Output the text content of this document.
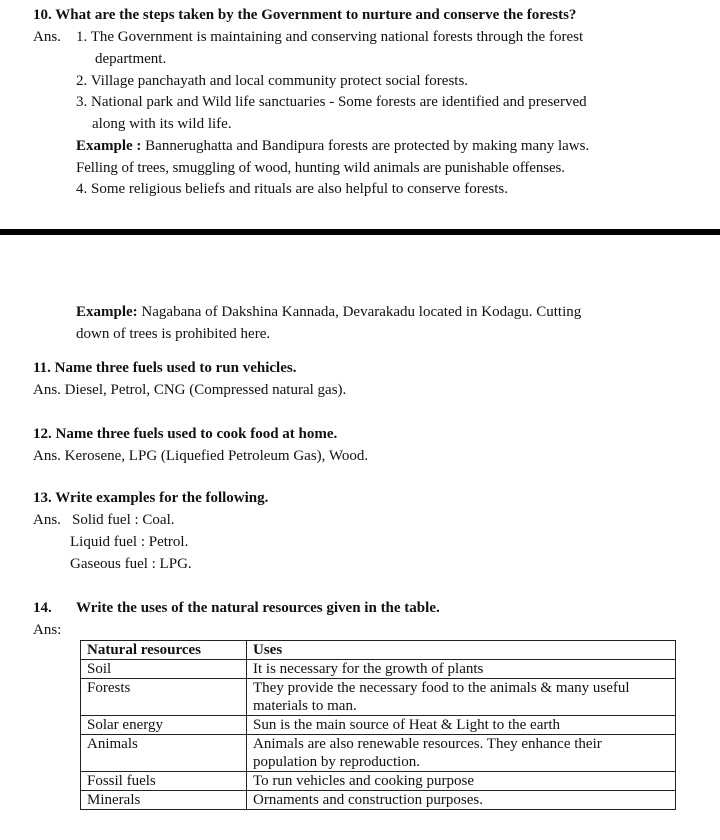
10. What are the steps taken by the Government to nurture and conserve the forests?
Ans. 1. The Government is maintaining and conserving national forests through the forest
department.
2. Village panchayath and local community protect social forests.
3. National park and Wild life sanctuaries - Some forests are identified and preserved
along with its wild life.
Example : Bannerughatta and Bandipura forests are protected by making many laws.
Felling of trees, smuggling of wood, hunting wild animals are punishable offenses.
4. Some religious beliefs and rituals are also helpful to conserve forests.
Example: Nagabana of Dakshina Kannada, Devarakadu located in Kodagu. Cutting
down of trees is prohibited here.
11. Name three fuels used to run vehicles.
Ans. Diesel, Petrol, CNG (Compressed natural gas).
12. Name three fuels used to cook food at home.
Ans. Kerosene, LPG (Liquefied Petroleum Gas), Wood.
13. Write examples for the following.
Ans. Solid fuel : Coal.
Liquid fuel : Petrol.
Gaseous fuel : LPG.
14. Write the uses of the natural resources given in the table.
Ans:
Natural resources	Uses
Soil	It is necessary for the growth of plants
Forests	They provide the necessary food to the animals & many useful materials to man.
Solar energy	Sun is the main source of Heat & Light to the earth
Animals	Animals are also renewable resources. They enhance their population by reproduction.
Fossil fuels	To run vehicles and cooking purpose
Minerals	Ornaments and construction purposes.
